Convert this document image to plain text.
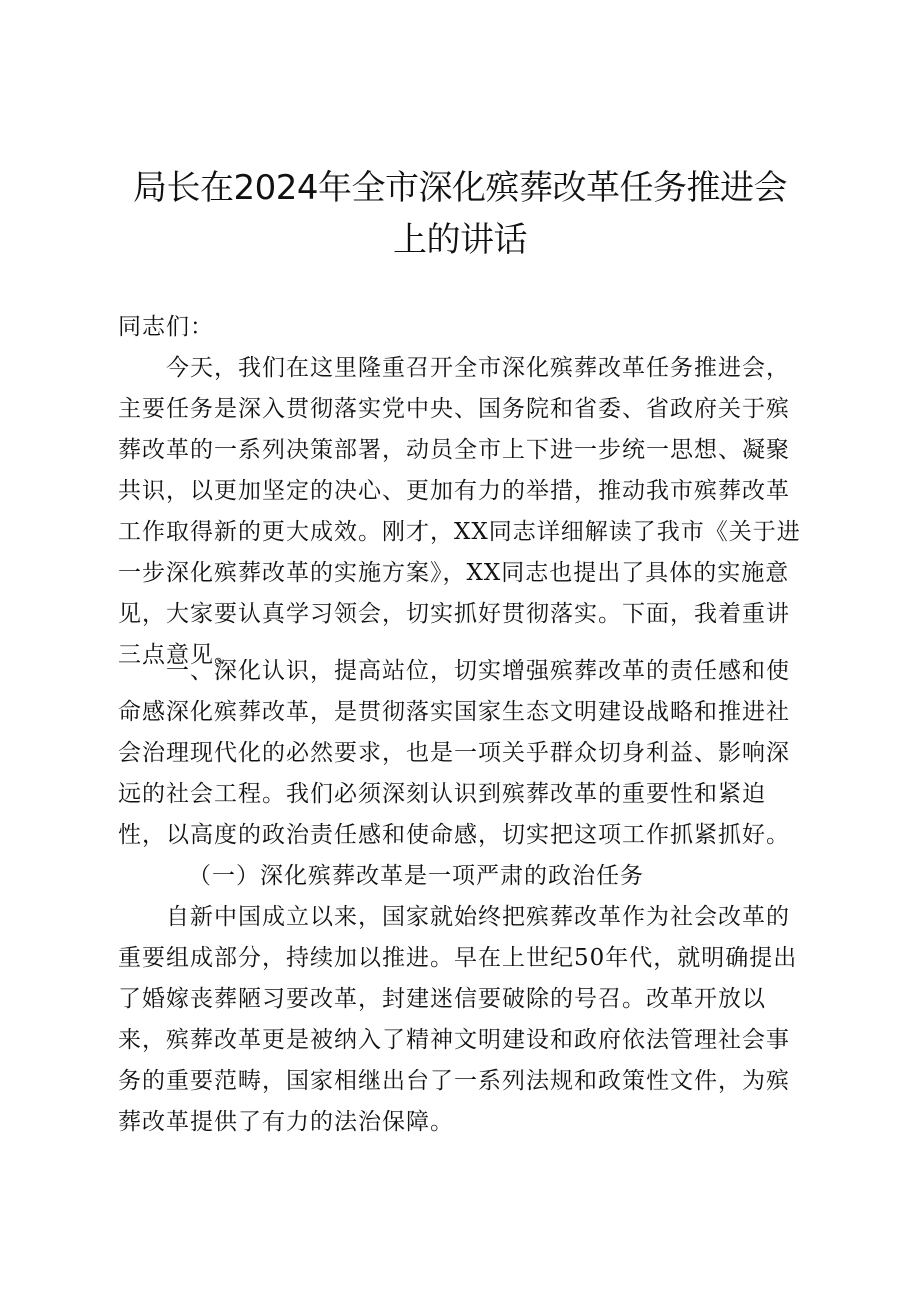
局长在2024年全市深化殡葬改革任务推进会
上的讲话
同志们：
今天，我们在这里隆重召开全市深化殡葬改革任务推进会，主要任务是深入贯彻落实党中央、国务院和省委、省政府关于殡葬改革的一系列决策部署，动员全市上下进一步统一思想、凝聚共识，以更加坚定的决心、更加有力的举措，推动我市殡葬改革工作取得新的更大成效。刚才，XX同志详细解读了我市《关于进一步深化殡葬改革的实施方案》，XX同志也提出了具体的实施意见，大家要认真学习领会，切实抓好贯彻落实。下面，我着重讲三点意见。
一、深化认识，提高站位，切实增强殡葬改革的责任感和使命感 深化殡葬改革，是贯彻落实国家生态文明建设战略和推进社会治理现代化的必然要求，也是一项关乎群众切身利益、影响深远的社会工程。我们必须深刻认识到殡葬改革的重要性和紧迫性，以高度的政治责任感和使命感，切实把这项工作抓紧抓好。
（一）深化殡葬改革是一项严肃的政治任务
自新中国成立以来，国家就始终把殡葬改革作为社会改革的重要组成部分，持续加以推进。早在上世纪50年代，就明确提出了婚嫁丧葬陋习要改革，封建迷信要破除的号召。改革开放以来，殡葬改革更是被纳入了精神文明建设和政府依法管理社会事务的重要范畴，国家相继出台了一系列法规和政策性文件，为殡葬改革提供了有力的法治保障。
